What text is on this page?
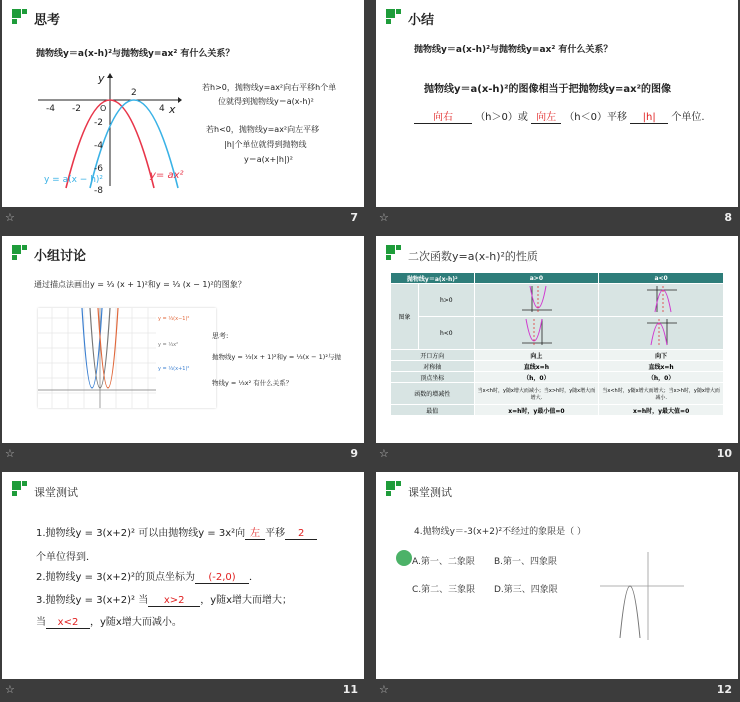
思考
抛物线y＝a(x-h)²与抛物线y=ax² 有什么关系？
-4 -2
2
4
-2
-4
-6
-8
x
y
O
y = a(x − h)²	y= ax²
若h>0，抛物线y=ax²向右平移h个单
位就得到抛物线y＝a(x-h)²
若h<0，抛物线y=ax²向左平移
|h|个单位就得到抛物线
y＝a(x+|h|)²
☆	7
小结
抛物线y＝a(x-h)²与抛物线y=ax² 有什么关系？
抛物线y＝a(x-h)²的图像相当于把抛物线y=ax²的图像
向右 （h＞0）或 向左 （h＜0）平移 |h| 个单位.
☆	8
小组讨论
通过描点法画出y = ⅓ (x + 1)²和y = ⅓ (x − 1)²的图象？
y = ⅓(x−1)²
y = ⅓x²
y = ⅓(x+1)²
思考:
抛物线y = ⅓(x + 1)²和y = ⅓(x − 1)²与抛
物线y = ⅓x² 有什么关系？
☆	9
二次函数y=a(x-h)²的性质
抛物线y＝a(x-h)²		a>0	a<0
图象	h>0		
	h<0		
开口方向		向上	向下
对称轴		直线x=h	直线x=h
顶点坐标		（h，0）	（h，0）
函数的增减性		当x<h时，y随x增大而减小；当x>h时，y随x增大而增大.	当x<h时，y随x增大而增大；当x>h时，y随x增大而减小.
最值		x=h时，y最小值=0	x=h时，y最大值=0
☆	10
课堂测试
1.抛物线y = 3(x+2)² 可以由抛物线y = 3x²向 左 平移 2
个单位得到．
2.抛物线y = 3(x+2)²的顶点坐标为 (-2,0) ．
3.抛物线y = 3(x+2)² 当 x>2 ，y随x增大而增大；
当 x<2 ，y随x增大而减小。
☆	11
课堂测试
4.抛物线y＝-3(x+2)²不经过的象限是（ ）
A.第一、二象限 B.第一、四象限
C.第二、三象限 D.第三、四象限
☆	12
